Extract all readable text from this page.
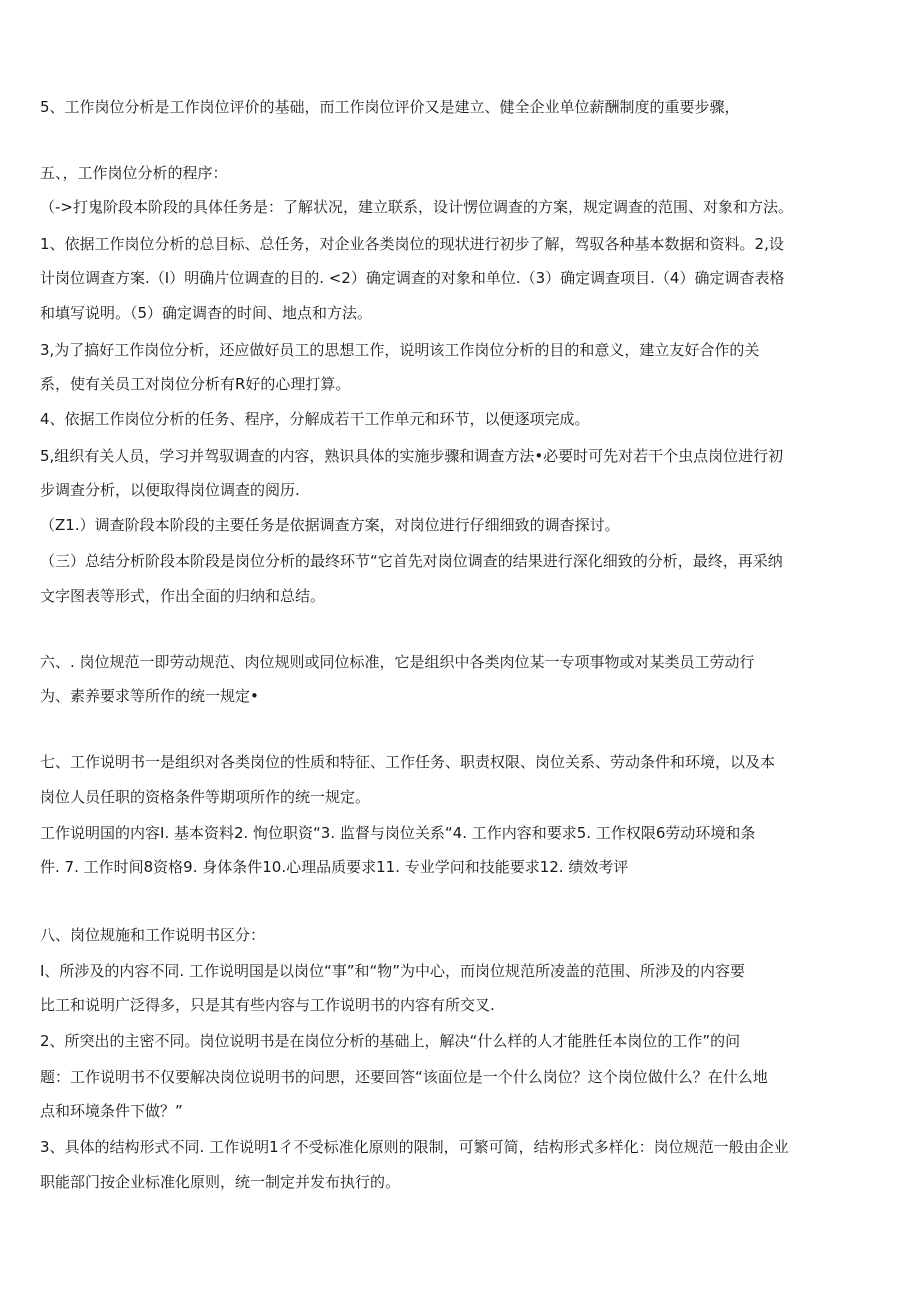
5、工作岗位分析是工作岗位评价的基础，而工作岗位评价又是建立、健全企业单位薪酬制度的重要步骤，
五、，工作岗位分析的程序：
（->打鬼阶段本阶段的具体任务是：了解状况，建立联系，设计愣位调查的方案，规定调查的范围、对象和方法。
1、依据工作岗位分析的总目标、总任务，对企业各类岗位的现状进行初步了解，驾驭各种基本数据和资料。2,设
计岗位调查方案.（I）明确片位调查的目的. <2）确定调查的对象和单位.（3）确定调查项目.（4）确定调杳表格
和填写说明。（5）确定调杳的时间、地点和方法。
3,为了搞好工作岗位分析，还应做好员工的思想工作，说明该工作岗位分析的目的和意义，建立友好合作的关
系，使有关员工对岗位分析有R好的心理打算。
4、依据工作岗位分析的任务、程序，分解成若干工作单元和环节，以便逐项完成。
5,组织有关人员，学习并驾驭调查的内容，熟识具体的实施步骤和调查方法•必要时可先对若干个虫点岗位进行初
步调查分析，以便取得岗位调查的阅历.
（Z1.）调查阶段本阶段的主要任务是依据调查方案，对岗位进行仔细细致的调杳探讨。
（三）总结分析阶段本阶段是岗位分析的最终环节“它首先对岗位调查的结果进行深化细致的分析，最终，再采纳
文字图表等形式，作出全面的归纳和总结。
六、. 岗位规范一即劳动规范、肉位规则或同位标准，它是组织中各类肉位某一专项事物或对某类员工劳动行
为、素养要求等所作的统一规定•
七、工作说明书一是组织对各类岗位的性质和特征、工作任务、职责权限、岗位关系、劳动条件和环境，以及本
岗位人员任职的资格条件等期项所作的统一规定。
工作说明国的内容I. 基本资料2. 恂位职资“3. 监督与岗位关系“4. 工作内容和要求5. 工作权限6劳动环境和条
件. 7. 工作时间8资格9. 身体条件10.心理品质要求11. 专业学问和技能要求12. 绩效考评
八、岗位规施和工作说明书区分：
I、所涉及的内容不同. 工作说明国是以岗位“事”和“物”为中心，而岗位规范所凌盖的范围、所涉及的内容要
比工和说明广泛得多，只是其有些内容与工作说明书的内容有所交叉.
2、所突出的主密不同。岗位说明书是在岗位分析的基础上，解决“什么样的人才能胜任本岗位的工作”的问
题：工作说明书不仅要解决岗位说明书的问愳，还要回答“该面位是一个什么岗位？这个岗位做什么？在什么地
点和环境条件下做？”
3、具体的结构形式不同. 工作说明1彳不受标准化原则的限制，可繁可简，结构形式多样化：岗位规范一般由企业
职能部门按企业标准化原则，统一制定并发布执行的。
